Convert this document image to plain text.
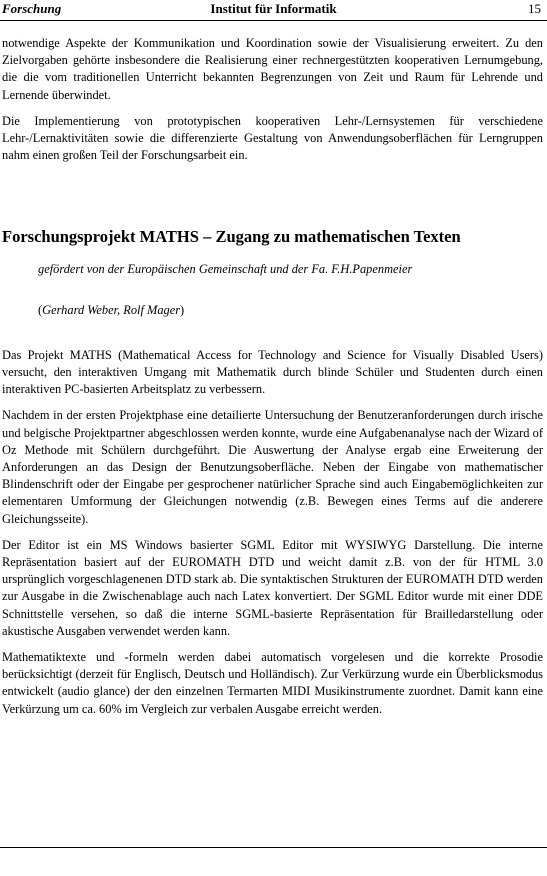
Forschung	Institut für Informatik	15

notwendige Aspekte der Kommunikation und Koordination sowie der Visualisierung erweitert. Zu den Zielvorgaben gehörte insbesondere die Realisierung einer rechnergestützten kooperativen Lernumgebung, die die vom traditionellen Unterricht bekannten Begrenzungen von Zeit und Raum für Lehrende und Lernende überwindet.

Die Implementierung von prototypischen kooperativen Lehr-/Lernsystemen für verschiedene Lehr-/Lernaktivitäten sowie die differenzierte Gestaltung von Anwendungsoberflächen für Lerngruppen nahm einen großen Teil der Forschungsarbeit ein.

Forschungsprojekt MATHS – Zugang zu mathematischen Texten
gefördert von der Europäischen Gemeinschaft und der Fa. F.H.Papenmeier
(Gerhard Weber, Rolf Mager)

Das Projekt MATHS (Mathematical Access for Technology and Science for Visually Disabled Users) versucht, den interaktiven Umgang mit Mathematik durch blinde Schüler und Studenten durch einen interaktiven PC-basierten Arbeitsplatz zu verbessern.

Nachdem in der ersten Projektphase eine detailierte Untersuchung der Benutzeranforderungen durch irische und belgische Projektpartner abgeschlossen werden konnte, wurde eine Aufgabenanalyse nach der Wizard of Oz Methode mit Schülern durchgeführt. Die Auswertung der Analyse ergab eine Erweiterung der Anforderungen an das Design der Benutzungsoberfläche. Neben der Eingabe von mathematischer Blindenschrift oder der Eingabe per gesprochener natürlicher Sprache sind auch Eingabemöglichkeiten zur elementaren Umformung der Gleichungen notwendig (z.B. Bewegen eines Terms auf die anderere Gleichungsseite).

Der Editor ist ein MS Windows basierter SGML Editor mit WYSIWYG Darstellung. Die interne Repräsentation basiert auf der EUROMATH DTD und weicht damit z.B. von der für HTML 3.0 ursprünglich vorgeschlagenenen DTD stark ab. Die syntaktischen Strukturen der EUROMATH DTD werden zur Ausgabe in die Zwischenablage auch nach Latex konvertiert. Der SGML Editor wurde mit einer DDE Schnittstelle versehen, so daß die interne SGML-basierte Repräsentation für Brailledarstellung oder akustische Ausgaben verwendet werden kann.

Mathematiktexte und -formeln werden dabei automatisch vorgelesen und die korrekte Prosodie berücksichtigt (derzeit für Englisch, Deutsch und Holländisch). Zur Verkürzung wurde ein Überblicksmodus entwickelt (audio glance) der den einzelnen Termarten MIDI Musikinstrumente zuordnet. Damit kann eine Verkürzung um ca. 60% im Vergleich zur verbalen Ausgabe erreicht werden.
